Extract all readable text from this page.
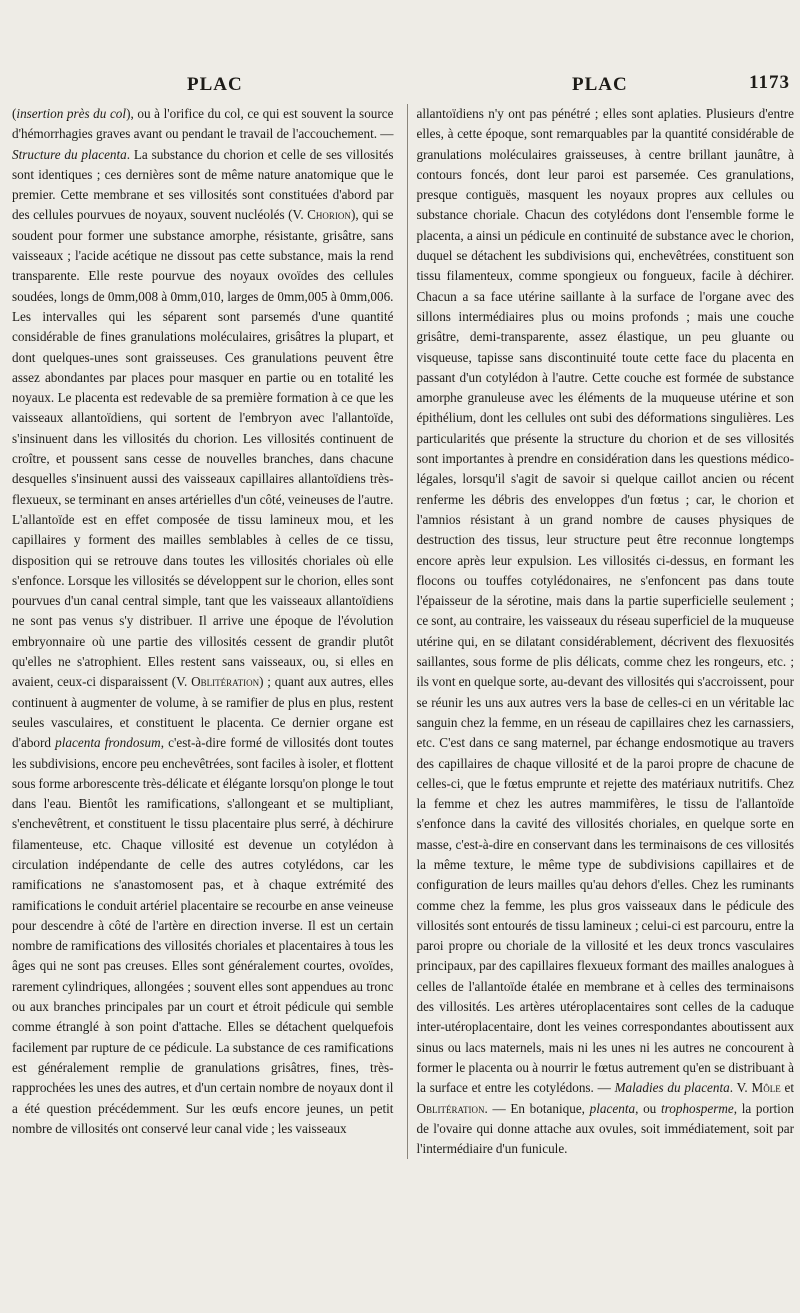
PLAC	PLAC	1173

(insertion près du col), ou à l'orifice du col, ce qui est souvent la source d'hémorrhagies graves avant ou pendant le travail de l'accouchement. — Structure du placenta. La substance du chorion et celle de ses villosités sont identiques ; ces dernières sont de même nature anatomique que le premier. Cette membrane et ses villosités sont constituées d'abord par des cellules pourvues de noyaux, souvent nucléolés (V. Chorion), qui se soudent pour former une substance amorphe, résistante, grisâtre, sans vaisseaux ; l'acide acétique ne dissout pas cette substance, mais la rend transparente. Elle reste pourvue des noyaux ovoïdes des cellules soudées, longs de 0mm,008 à 0mm,010, larges de 0mm,005 à 0mm,006. Les intervalles qui les séparent sont parsemés d'une quantité considérable de fines granulations moléculaires, grisâtres la plupart, et dont quelques-unes sont graisseuses. Ces granulations peuvent être assez abondantes par places pour masquer en partie ou en totalité les noyaux. Le placenta est redevable de sa première formation à ce que les vaisseaux allantoïdiens, qui sortent de l'embryon avec l'allantoïde, s'insinuent dans les villosités du chorion. Les villosités continuent de croître, et poussent sans cesse de nouvelles branches, dans chacune desquelles s'insinuent aussi des vaisseaux capillaires allantoïdiens très-flexueux, se terminant en anses artérielles d'un côté, veineuses de l'autre. L'allantoïde est en effet composée de tissu lamineux mou, et les capillaires y forment des mailles semblables à celles de ce tissu, disposition qui se retrouve dans toutes les villosités choriales où elle s'enfonce. Lorsque les villosités se développent sur le chorion, elles sont pourvues d'un canal central simple, tant que les vaisseaux allantoïdiens ne sont pas venus s'y distribuer. Il arrive une époque de l'évolution embryonnaire où une partie des villosités cessent de grandir plutôt qu'elles ne s'atrophient. Elles restent sans vaisseaux, ou, si elles en avaient, ceux-ci disparaissent (V. Oblitération) ; quant aux autres, elles continuent à augmenter de volume, à se ramifier de plus en plus, restent seules vasculaires, et constituent le placenta. Ce dernier organe est d'abord placenta frondosum, c'est-à-dire formé de villosités dont toutes les subdivisions, encore peu enchevêtrées, sont faciles à isoler, et flottent sous forme arborescente très-délicate et élégante lorsqu'on plonge le tout dans l'eau. Bientôt les ramifications, s'allongeant et se multipliant, s'enchevêtrent, et constituent le tissu placentaire plus serré, à déchirure filamenteuse, etc. Chaque villosité est devenue un cotylédon à circulation indépendante de celle des autres cotylédons, car les ramifications ne s'anastomosent pas, et à chaque extrémité des ramifications le conduit artériel placentaire se recourbe en anse veineuse pour descendre à côté de l'artère en direction inverse. Il est un certain nombre de ramifications des villosités choriales et placentaires à tous les âges qui ne sont pas creuses. Elles sont généralement courtes, ovoïdes, rarement cylindriques, allongées ; souvent elles sont appendues au tronc ou aux branches principales par un court et étroit pédicule qui semble comme étranglé à son point d'attache. Elles se détachent quelquefois facilement par rupture de ce pédicule. La substance de ces ramifications est généralement remplie de granulations grisâtres, fines, très-rapprochées les unes des autres, et d'un certain nombre de noyaux dont il a été question précédemment. Sur les œufs encore jeunes, un petit nombre de villosités ont conservé leur canal vide ; les vaisseaux

allantoïdiens n'y ont pas pénétré ; elles sont aplaties. Plusieurs d'entre elles, à cette époque, sont remarquables par la quantité considérable de granulations moléculaires graisseuses, à centre brillant jaunâtre, à contours foncés, dont leur paroi est parsemée. Ces granulations, presque contiguës, masquent les noyaux propres aux cellules ou substance choriale. Chacun des cotylédons dont l'ensemble forme le placenta, a ainsi un pédicule en continuité de substance avec le chorion, duquel se détachent les subdivisions qui, enchevêtrées, constituent son tissu filamenteux, comme spongieux ou fongueux, facile à déchirer. Chacun a sa face utérine saillante à la surface de l'organe avec des sillons intermédiaires plus ou moins profonds ; mais une couche grisâtre, demi-transparente, assez élastique, un peu gluante ou visqueuse, tapisse sans discontinuité toute cette face du placenta en passant d'un cotylédon à l'autre. Cette couche est formée de substance amorphe granuleuse avec les éléments de la muqueuse utérine et son épithélium, dont les cellules ont subi des déformations singulières. Les particularités que présente la structure du chorion et de ses villosités sont importantes à prendre en considération dans les questions médico-légales, lorsqu'il s'agit de savoir si quelque caillot ancien ou récent renferme les débris des enveloppes d'un fœtus ; car, le chorion et l'amnios résistant à un grand nombre de causes physiques de destruction des tissus, leur structure peut être reconnue longtemps encore après leur expulsion. Les villosités ci-dessus, en formant les flocons ou touffes cotylédonaires, ne s'enfoncent pas dans toute l'épaisseur de la sérotine, mais dans la partie superficielle seulement ; ce sont, au contraire, les vaisseaux du réseau superficiel de la muqueuse utérine qui, en se dilatant considérablement, décrivent des flexuosités saillantes, sous forme de plis délicats, comme chez les rongeurs, etc. ; ils vont en quelque sorte, au-devant des villosités qui s'accroissent, pour se réunir les uns aux autres vers la base de celles-ci en un véritable lac sanguin chez la femme, en un réseau de capillaires chez les carnassiers, etc. C'est dans ce sang maternel, par échange endosmotique au travers des capillaires de chaque villosité et de la paroi propre de chacune de celles-ci, que le fœtus emprunte et rejette des matériaux nutritifs. Chez la femme et chez les autres mammifères, le tissu de l'allantoïde s'enfonce dans la cavité des villosités choriales, en quelque sorte en masse, c'est-à-dire en conservant dans les terminaisons de ces villosités la même texture, le même type de subdivisions capillaires et de configuration de leurs mailles qu'au dehors d'elles. Chez les ruminants comme chez la femme, les plus gros vaisseaux dans le pédicule des villosités sont entourés de tissu lamineux ; celui-ci est parcouru, entre la paroi propre ou choriale de la villosité et les deux troncs vasculaires principaux, par des capillaires flexueux formant des mailles analogues à celles de l'allantoïde étalée en membrane et à celles des terminaisons des villosités. Les artères utéroplacentaires sont celles de la caduque inter-utéroplacentaire, dont les veines correspondantes aboutissent aux sinus ou lacs maternels, mais ni les unes ni les autres ne concourent à former le placenta ou à nourrir le fœtus autrement qu'en se distribuant à la surface et entre les cotylédons. — Maladies du placenta. V. Môle et Oblitération. — En botanique, placenta, ou trophosperme, la portion de l'ovaire qui donne attache aux ovules, soit immédiatement, soit par l'intermédiaire d'un funicule.
